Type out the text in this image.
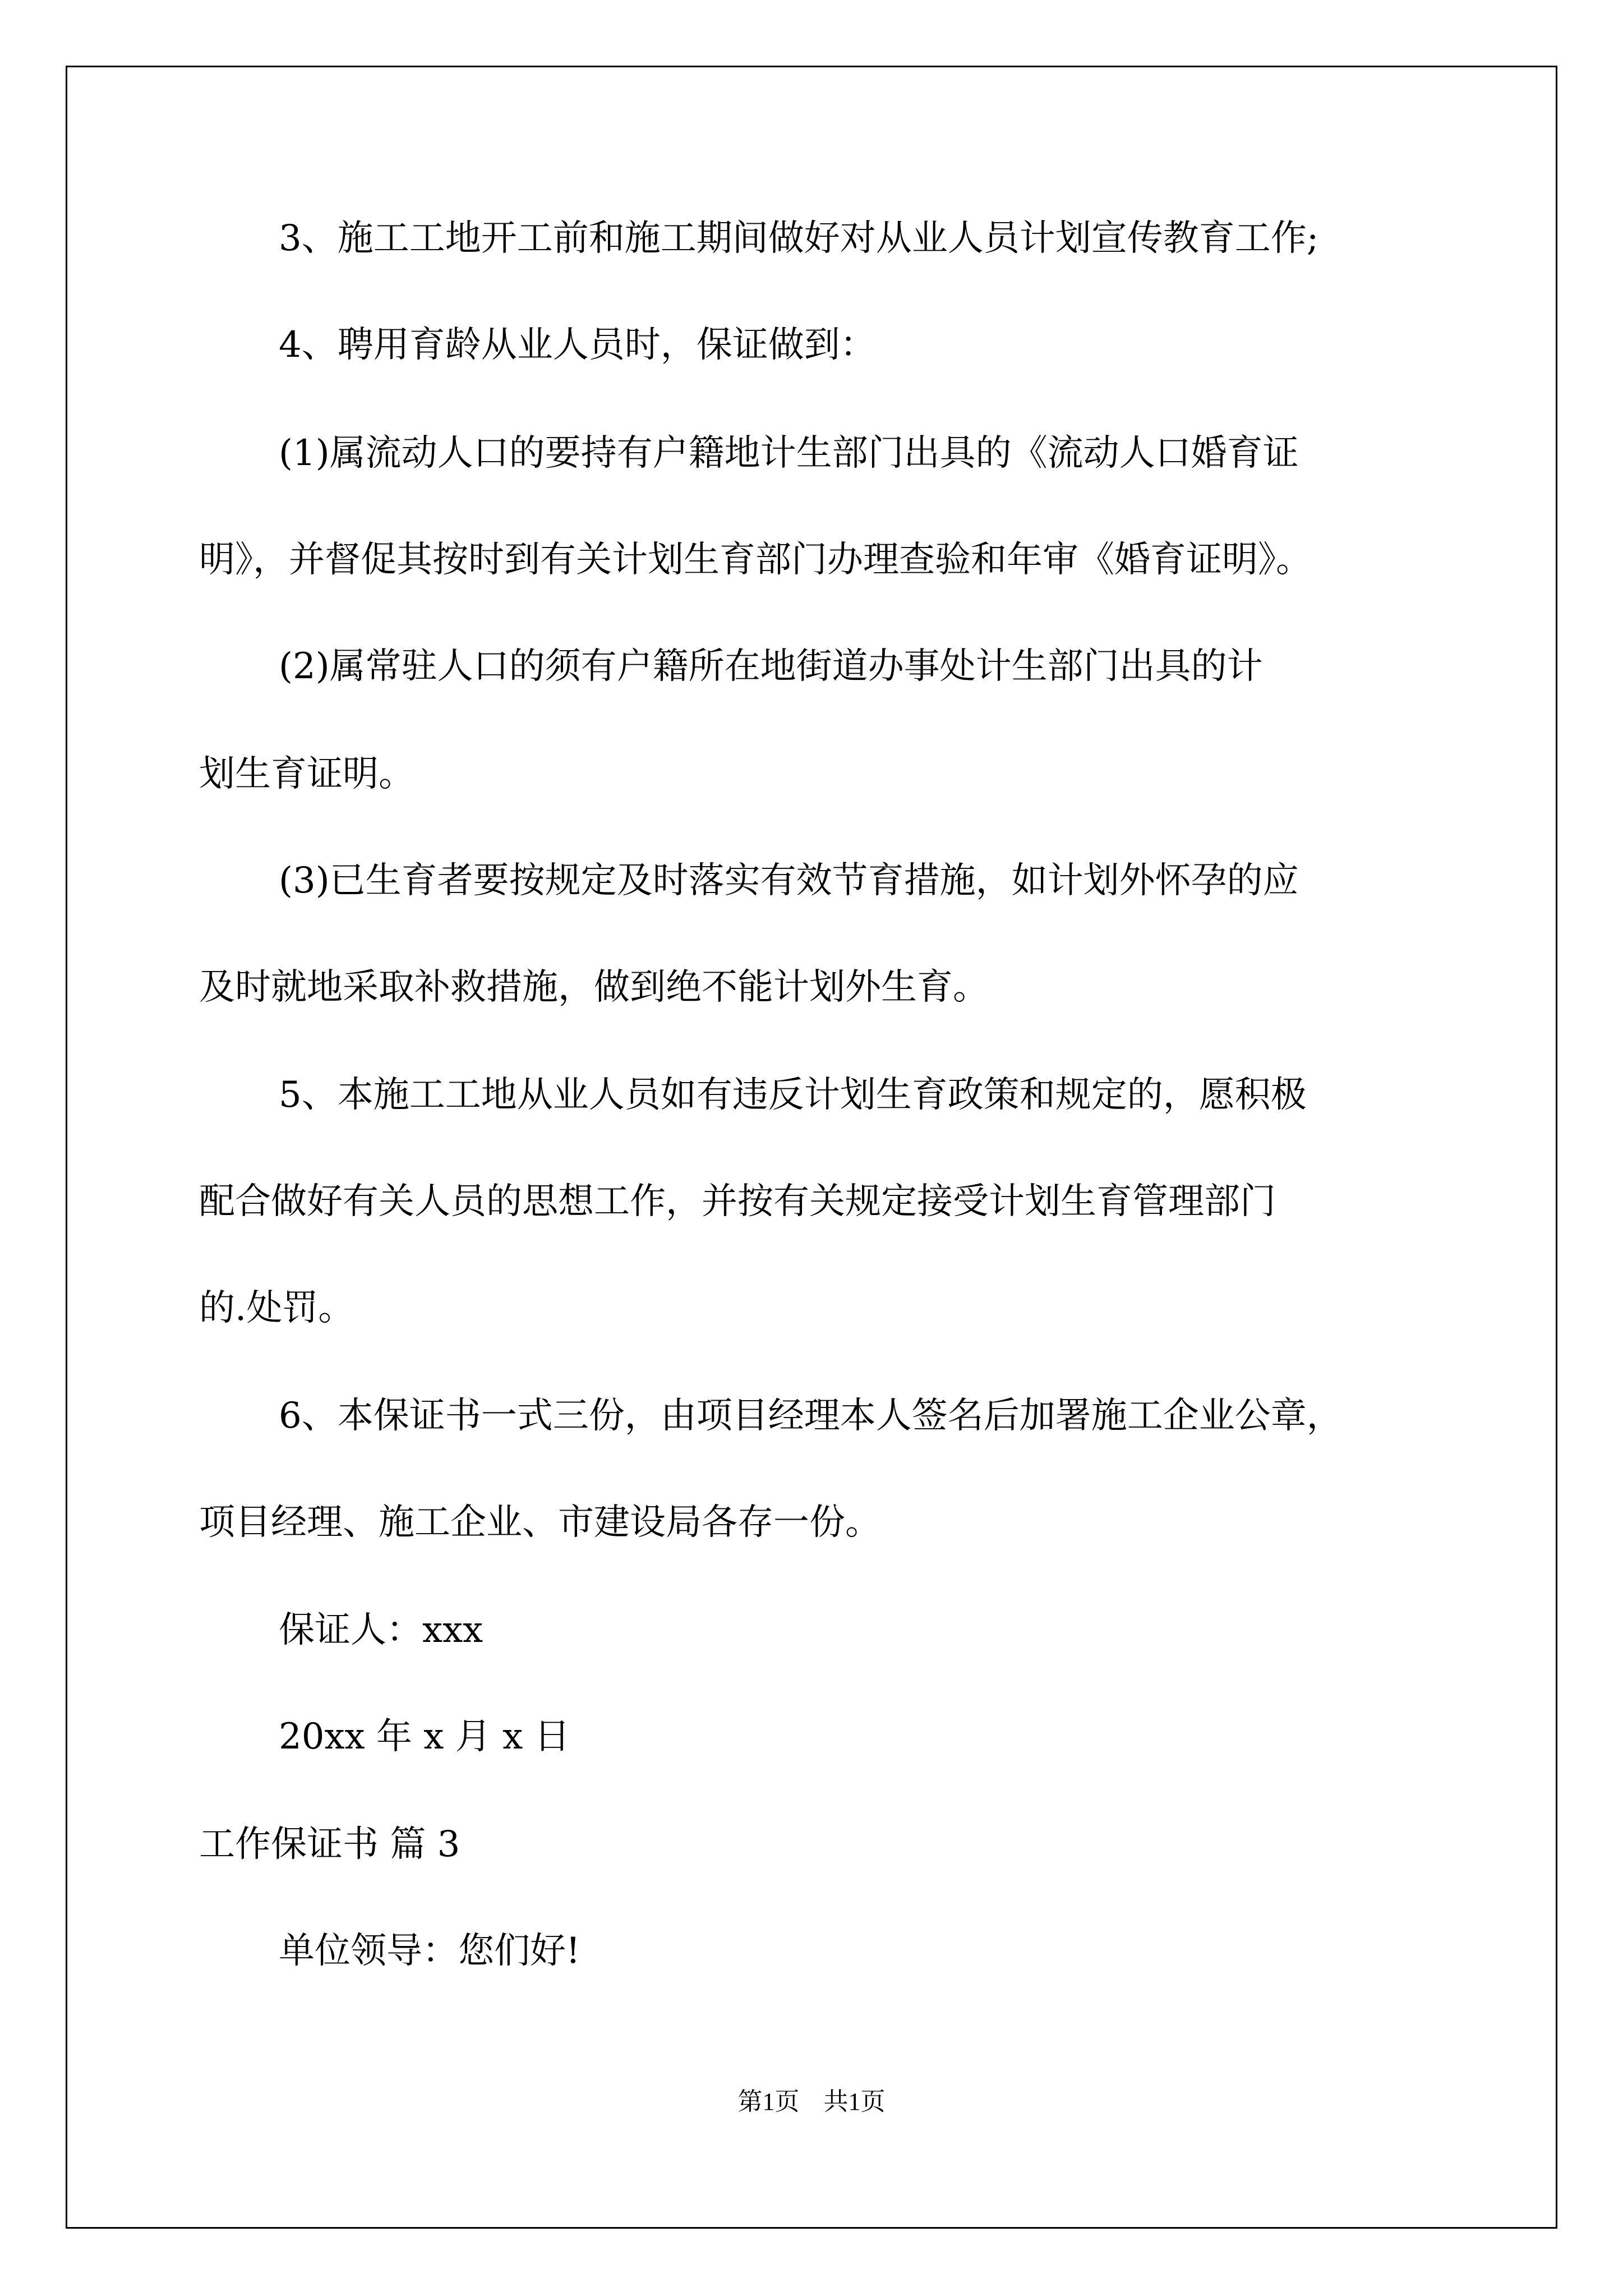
3、施工工地开工前和施工期间做好对从业人员计划宣传教育工作;

4、聘用育龄从业人员时，保证做到：

(1)属流动人口的要持有户籍地计生部门出具的《流动人口婚育证

明》，并督促其按时到有关计划生育部门办理查验和年审《婚育证明》。

(2)属常驻人口的须有户籍所在地街道办事处计生部门出具的计

划生育证明。

(3)已生育者要按规定及时落实有效节育措施，如计划外怀孕的应

及时就地采取补救措施，做到绝不能计划外生育。

5、本施工工地从业人员如有违反计划生育政策和规定的，愿积极

配合做好有关人员的思想工作，并按有关规定接受计划生育管理部门

的.处罚。

6、本保证书一式三份，由项目经理本人签名后加署施工企业公章，

项目经理、施工企业、市建设局各存一份。

保证人：xxx

20xx 年 x 月 x 日

工作保证书 篇 3

单位领导：您们好!

第1页 共1页
